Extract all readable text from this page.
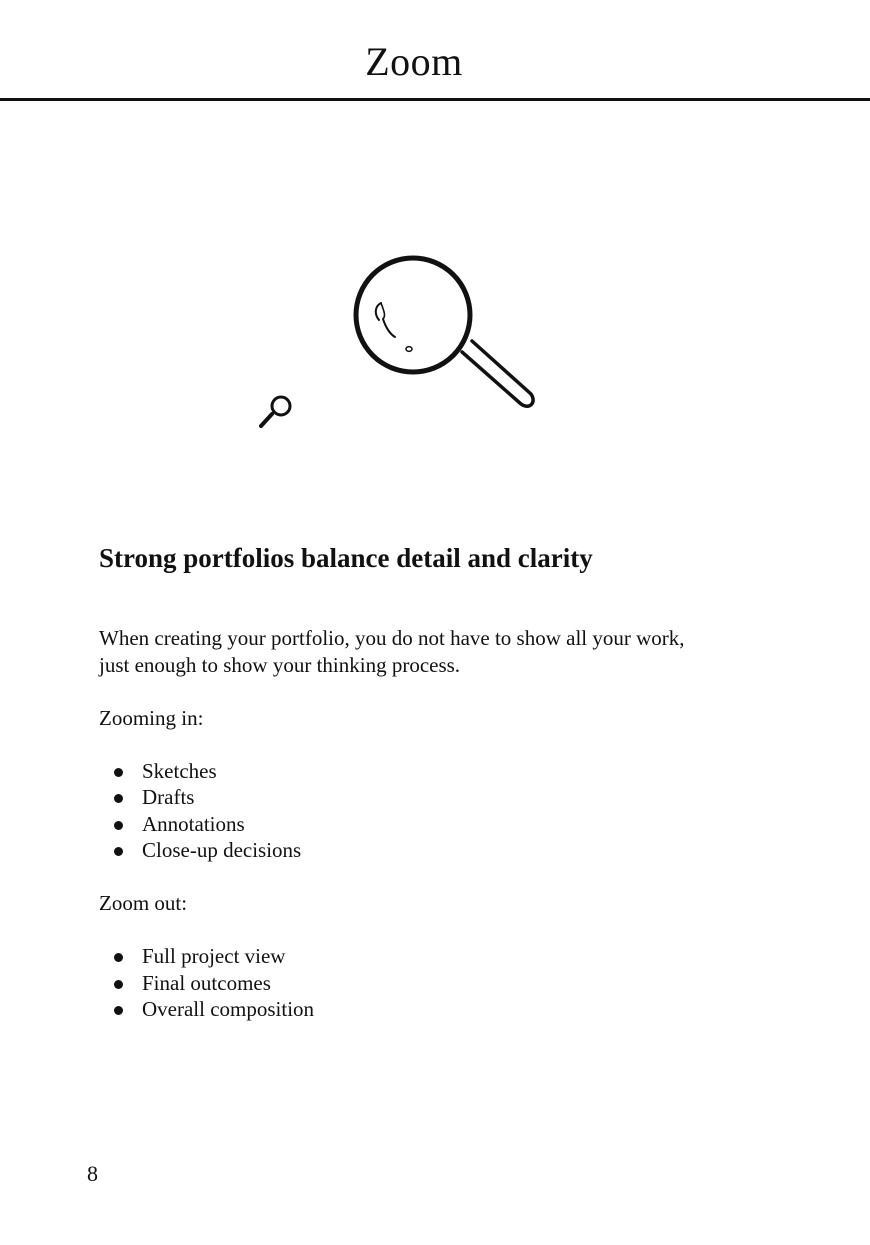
Zoom
Strong portfolios balance detail and clarity

When creating your portfolio, you do not have to show all your work,
just enough to show your thinking process.

Zooming in:

Sketches
Drafts
Annotations
Close-up decisions

Zoom out:

Full project view
Final outcomes
Overall composition
8
